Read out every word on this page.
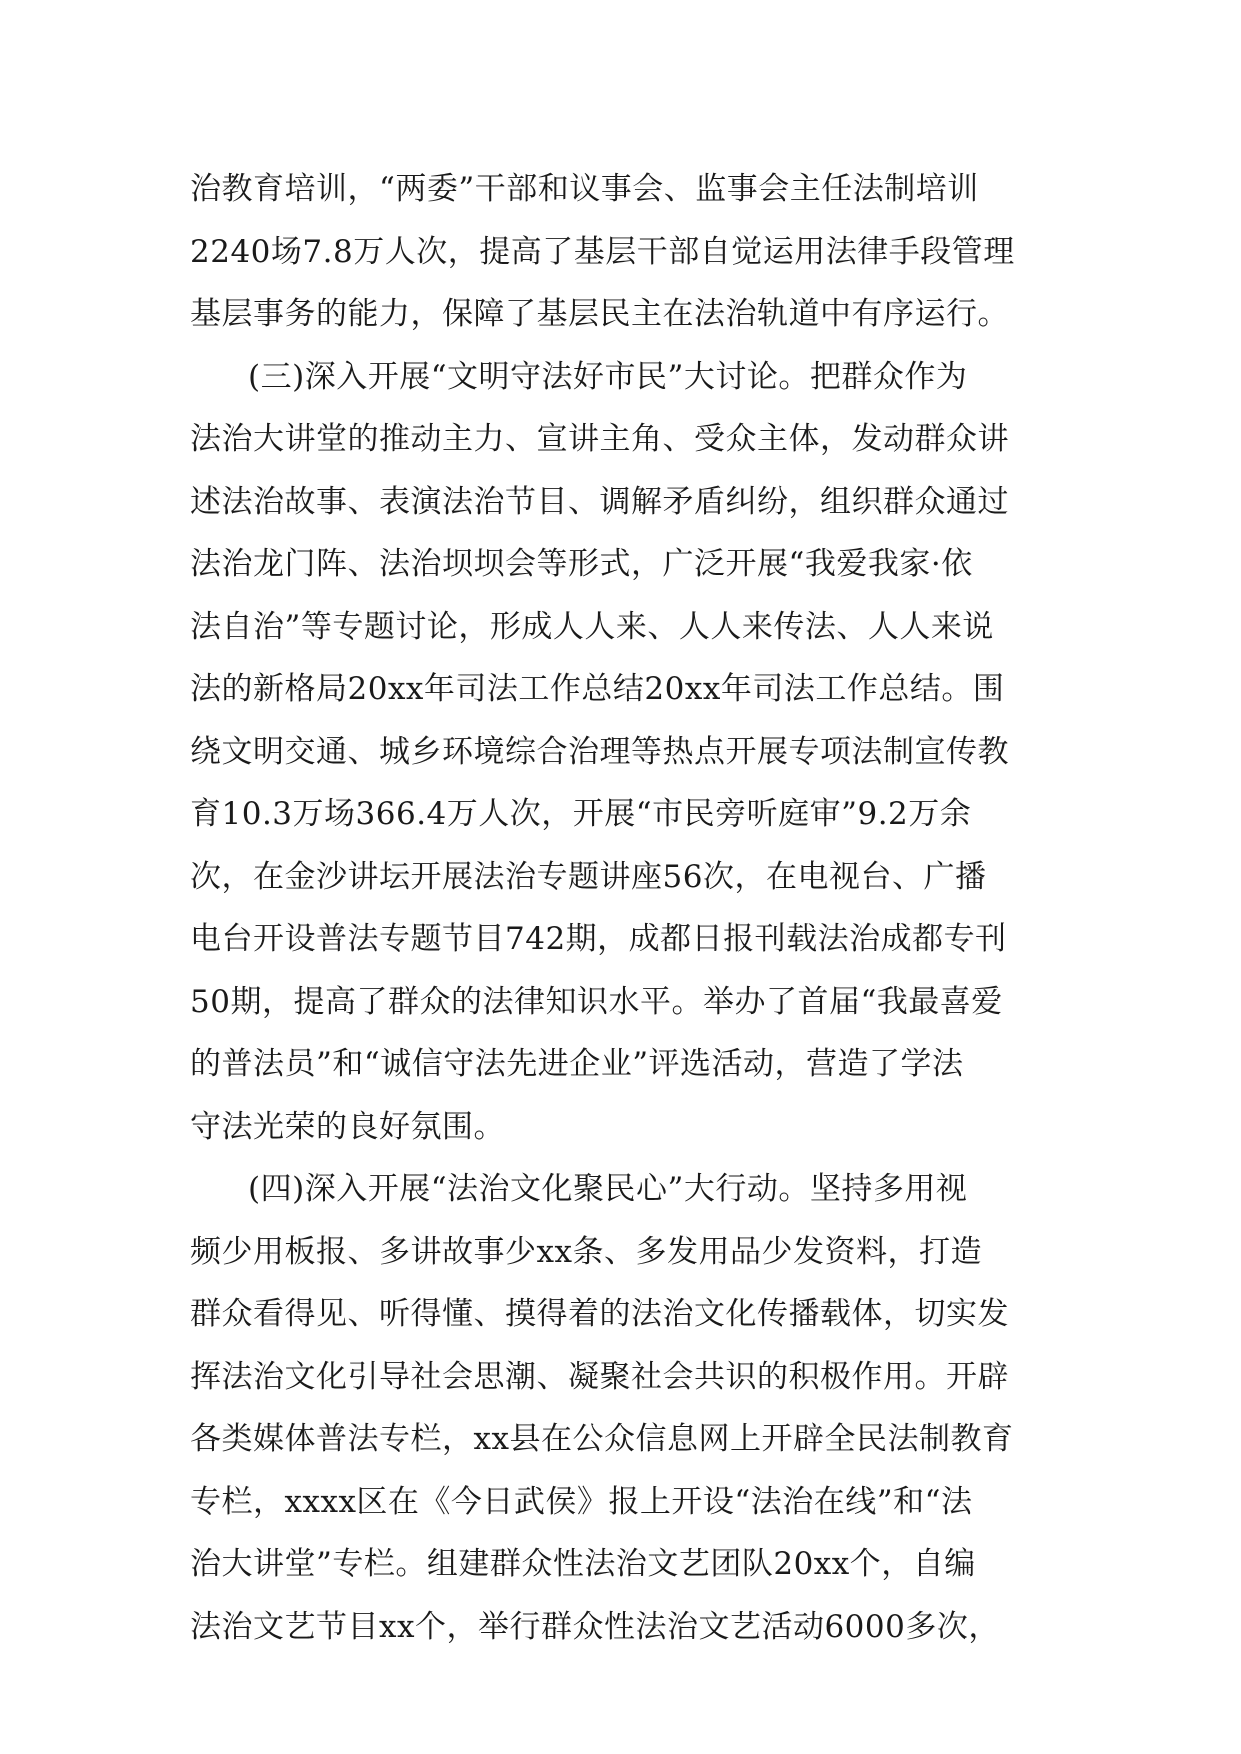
治教育培训，“两委”干部和议事会、监事会主任法制培训
2240场7.8万人次，提高了基层干部自觉运用法律手段管理
基层事务的能力，保障了基层民主在法治轨道中有序运行。
(三)深入开展“文明守法好市民”大讨论。把群众作为
法治大讲堂的推动主力、宣讲主角、受众主体，发动群众讲
述法治故事、表演法治节目、调解矛盾纠纷，组织群众通过
法治龙门阵、法治坝坝会等形式，广泛开展“我爱我家·依
法自治”等专题讨论，形成人人来、人人来传法、人人来说
法的新格局20xx年司法工作总结20xx年司法工作总结。围
绕文明交通、城乡环境综合治理等热点开展专项法制宣传教
育10.3万场366.4万人次，开展“市民旁听庭审”9.2万余
次，在金沙讲坛开展法治专题讲座56次，在电视台、广播
电台开设普法专题节目742期，成都日报刊载法治成都专刊
50期，提高了群众的法律知识水平。举办了首届“我最喜爱
的普法员”和“诚信守法先进企业”评选活动，营造了学法
守法光荣的良好氛围。
(四)深入开展“法治文化聚民心”大行动。坚持多用视
频少用板报、多讲故事少xx条、多发用品少发资料，打造
群众看得见、听得懂、摸得着的法治文化传播载体，切实发
挥法治文化引导社会思潮、凝聚社会共识的积极作用。开辟
各类媒体普法专栏，xx县在公众信息网上开辟全民法制教育
专栏，xxxx区在《今日武侯》报上开设“法治在线”和“法
治大讲堂”专栏。组建群众性法治文艺团队20xx个，自编
法治文艺节目xx个，举行群众性法治文艺活动6000多次，
